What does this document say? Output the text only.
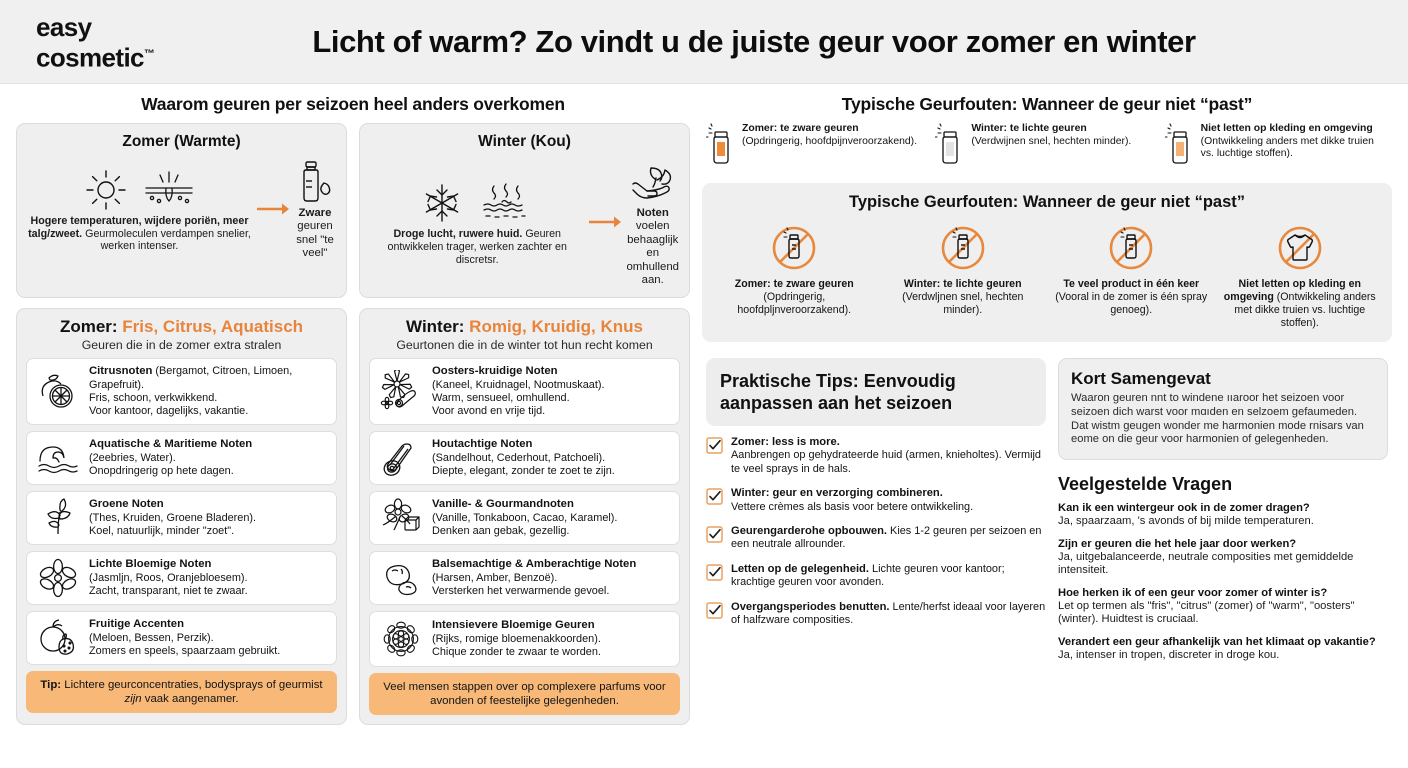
easy
cosmetic™	Licht of warm? Zo vindt u de juiste geur voor zomer en winter
Waarom geuren per seizoen heel anders overkomen
Zomer (Warmte)
Hogere temperaturen, wijdere poriën, meer talg/zweet. Geurmoleculen verdampen snelier, werken intenser.
Zware
geuren snel "te veel"
Winter (Kou)
Droge lucht, ruwere huid. Geuren ontwikkelen trager, werken zachter en discretsr.
Noten voelen behaaglijk en omhullend aan.
Zomer: Fris, Citrus, Aquatisch
Geuren die in de zomer extra stralen
Citrusnoten (Bergamot, Citroen, Limoen, Grapefruit).
Fris, schoon, verkwikkend.
Voor kantoor, dagelijks, vakantie.
Aquatische & Maritieme Noten
(2eebries, Water).
Onopdringerig op hete dagen.
Groene Noten
(Thes, Kruiden, Groene Bladeren).
Koel, natuurlijk, minder "zoet".
Lichte Bloemige Noten
(Jasmljn, Roos, Oranjebloesem).
Zacht, transparant, niet te zwaar.
Fruitige Accenten
(Meloen, Bessen, Perzik).
Zomers en speels, spaarzaam gebruikt.
Tip: Lichtere geurconcentraties, bodysprays of geurmist zijn vaak aangenamer.
Winter: Romig, Kruidig, Knus
Geurtonen die in de winter tot hun recht komen
Oosters-kruidige Noten
(Kaneel, Kruidnagel, Nootmuskaat).
Warm, sensueel, omhullend.
Voor avond en vrije tijd.
Houtachtige Noten
(Sandelhout, Cederhout, Patchoeli).
Diepte, elegant, zonder te zoet te zijn.
Vanille- & Gourmandnoten
(Vanille, Tonkaboon, Cacao, Karamel).
Denken aan gebak, gezellig.
Balsemachtige & Amberachtige Noten
(Harsen, Amber, Benzoë).
Versterken het verwarmende gevoel.
Intensievere Bloemige Geuren
(Rijks, romige bloemenakkoorden).
Chique zonder te zwaar te worden.
Veel mensen stappen over op complexere parfums voor avonden of feestelijke gelegenheden.
Typische Geurfouten: Wanneer de geur niet “past”
Zomer: te zware geuren
(Opdringerig, hoofdpijnveroorzakend).
Winter: te lichte geuren
(Verdwijnen snel, hechten minder).
Niet letten op kleding en omgeving (Ontwikkeling anders met dikke truien vs. luchtige stoffen).
Typische Geurfouten: Wanneer de geur niet “past”
Zomer: te zware geuren
(Opdringerig, hoofdpljnveroorzakend).
Winter: te lichte geuren (Verdwljnen snel, hechten minder).
Te veel product in één keer (Vooral in de zomer is één spray genoeg).
Niet letten op kleding en omgeving (Ontwikkeling anders met dikke truien vs. luchtige stoffen).
Praktische Tips: Eenvoudig aanpassen aan het seizoen
Zomer: less is more.
Aanbrengen op gehydrateerde huid (armen, knieholtes). Vermijd te veel sprays in de hals.
Winter: geur en verzorging combineren.
Vettere crèmes als basis voor betere ontwikkeling.
Geurengarderohe opbouwen. Kies 1-2 geuren per seizoen en een neutrale allrounder.
Letten op de gelegenheid. Lichte geuren voor kantoor; krachtige geuren voor avonden.
Overgangsperiodes benutten. Lente/herfst ideaal voor layeren of halfzware composities.
Kort Samengevat
Waaron geuren nnt to windene ııaroor het seizoen voor seizoen dich warst voor mɑıden en selzoem gefaumeden. Dat wistm geugen wonder me harmonien mode rnisars van eome on die geur voor harmonien of gelegenheden.
Veelgestelde Vragen
Kan ik een wintergeur ook in de zomer dragen?
Ja, spaarzaam, 's avonds of bij milde temperaturen.
Zijn er geuren die het hele jaar door werken?
Ja, uitgebalanceerde, neutrale composities met gemiddelde intensiteit.
Hoe herken ik of een geur voor zomer of winter is?
Let op termen als "fris", "citrus" (zomer) of "warm", "oosters" (winter). Huidtest is cruciaal.
Verandert een geur afhankelijk van het klimaat op vakantie?
Ja, intenser in tropen, discreter in droge kou.
